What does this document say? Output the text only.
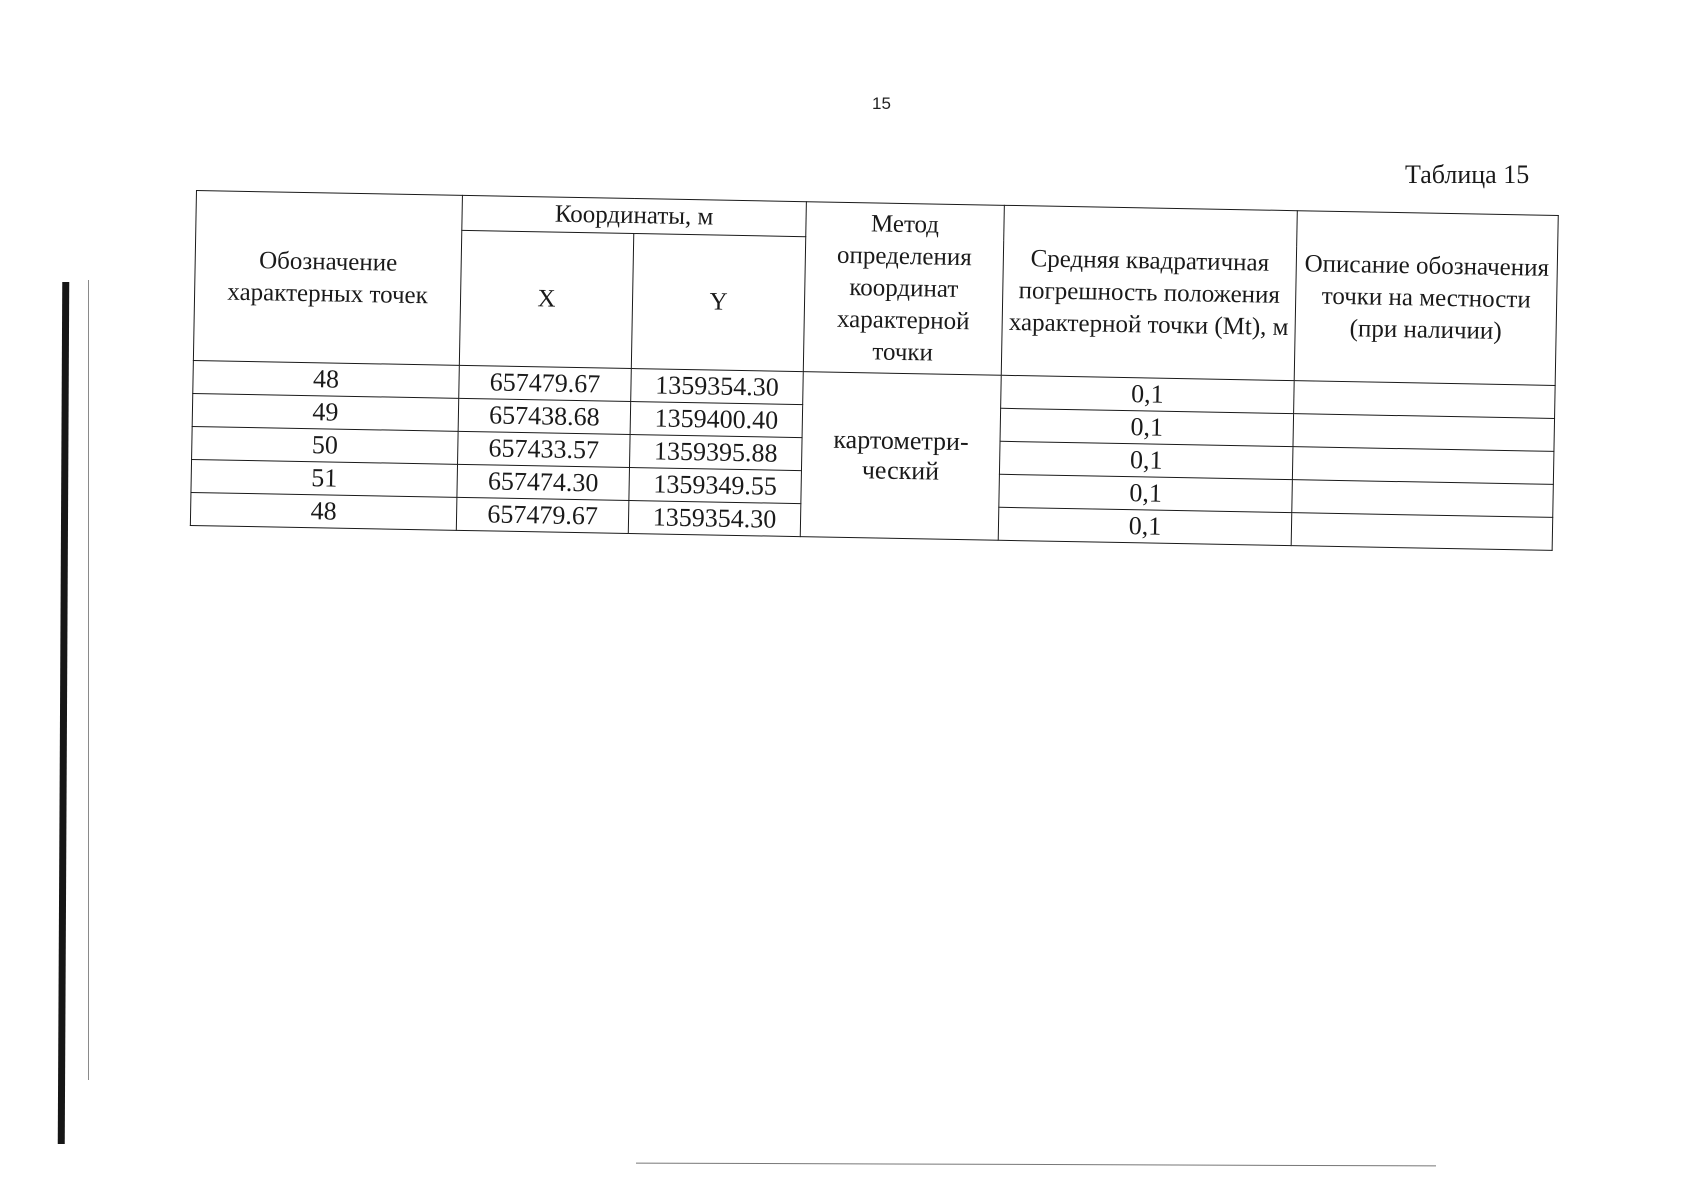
15
Таблица 15
Обозначение характерных точек	Координаты, м		Метод определения координат характерной точки	Средняя квадратичная погрешность положения характерной точки (Mt), м	Описание обозначения точки на местности (при наличии)
	X	Y			
48	657479.67	1359354.30	картометри-ческий	0,1	
49	657438.68	1359400.40		0,1	
50	657433.57	1359395.88		0,1	
51	657474.30	1359349.55		0,1	
48	657479.67	1359354.30		0,1	
